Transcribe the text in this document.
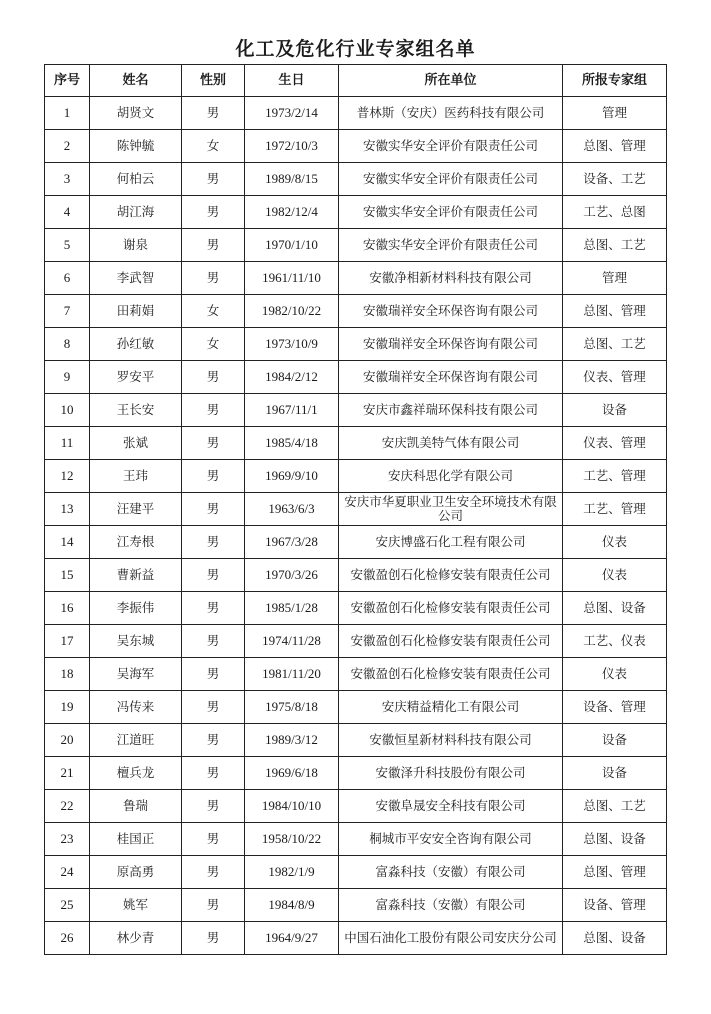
化工及危化行业专家组名单
序号	姓名	性别	生日	所在单位	所报专家组
1	胡贤文	男	1973/2/14	普林斯（安庆）医药科技有限公司	管理
2	陈钟毓	女	1972/10/3	安徽实华安全评价有限责任公司	总图、管理
3	何柏云	男	1989/8/15	安徽实华安全评价有限责任公司	设备、工艺
4	胡江海	男	1982/12/4	安徽实华安全评价有限责任公司	工艺、总图
5	谢泉	男	1970/1/10	安徽实华安全评价有限责任公司	总图、工艺
6	李武智	男	1961/11/10	安徽净相新材料科技有限公司	管理
7	田莉娟	女	1982/10/22	安徽瑞祥安全环保咨询有限公司	总图、管理
8	孙红敏	女	1973/10/9	安徽瑞祥安全环保咨询有限公司	总图、工艺
9	罗安平	男	1984/2/12	安徽瑞祥安全环保咨询有限公司	仪表、管理
10	王长安	男	1967/11/1	安庆市鑫祥瑞环保科技有限公司	设备
11	张斌	男	1985/4/18	安庆凯美特气体有限公司	仪表、管理
12	王玮	男	1969/9/10	安庆科思化学有限公司	工艺、管理
13	汪建平	男	1963/6/3	安庆市华夏职业卫生安全环境技术有限公司	工艺、管理
14	江寿根	男	1967/3/28	安庆博盛石化工程有限公司	仪表
15	曹新益	男	1970/3/26	安徽盈创石化检修安装有限责任公司	仪表
16	李振伟	男	1985/1/28	安徽盈创石化检修安装有限责任公司	总图、设备
17	吴东城	男	1974/11/28	安徽盈创石化检修安装有限责任公司	工艺、仪表
18	吴海军	男	1981/11/20	安徽盈创石化检修安装有限责任公司	仪表
19	冯传来	男	1975/8/18	安庆精益精化工有限公司	设备、管理
20	江道旺	男	1989/3/12	安徽恒星新材料科技有限公司	设备
21	檀兵龙	男	1969/6/18	安徽泽升科技股份有限公司	设备
22	鲁瑞	男	1984/10/10	安徽阜晟安全科技有限公司	总图、工艺
23	桂国正	男	1958/10/22	桐城市平安安全咨询有限公司	总图、设备
24	原高勇	男	1982/1/9	富淼科技（安徽）有限公司	总图、管理
25	姚军	男	1984/8/9	富淼科技（安徽）有限公司	设备、管理
26	林少青	男	1964/9/27	中国石油化工股份有限公司安庆分公司	总图、设备
